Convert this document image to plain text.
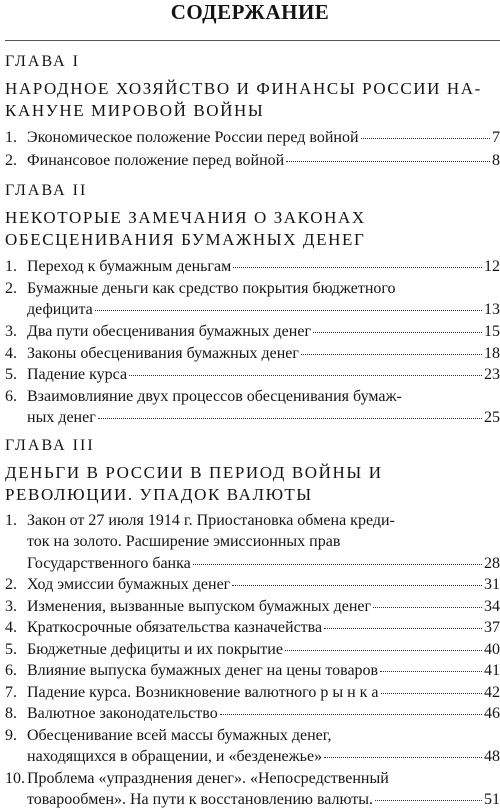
СОДЕРЖАНИЕ
ГЛАВА I
НАРОДНОЕ ХОЗЯЙСТВО И ФИНАНСЫ РОССИИ НА-
КАНУНЕ МИРОВОЙ ВОЙНЫ
1. Экономическое положение России перед войной	7
2. Финансовое положение перед войной	8
ГЛАВА II
НЕКОТОРЫЕ ЗАМЕЧАНИЯ О ЗАКОНАХ
ОБЕСЦЕНИВАНИЯ БУМАЖНЫХ ДЕНЕГ
1. Переход к бумажным деньгам	12
2. Бумажные деньги как средство покрытия бюджетного
дефицита	13
3. Два пути обесценивания бумажных денег	15
4. Законы обесценивания бумажных денег	18
5. Падение курса	23
6. Взаимовлияние двух процессов обесценивания бумаж-
ных денег	25
ГЛАВА III
ДЕНЬГИ В РОССИИ В ПЕРИОД ВОЙНЫ И
РЕВОЛЮЦИИ. УПАДОК ВАЛЮТЫ
1. Закон от 27 июля 1914 г. Приостановка обмена креди-
ток на золото. Расширение эмиссионных прав
Государственного банка	28
2. Ход эмиссии бумажных денег	31
3. Изменения, вызванные выпуском бумажных денег	34
4. Краткосрочные обязательства казначейства	37
5. Бюджетные дефициты и их покрытие	40
6. Влияние выпуска бумажных денег на цены товаров	41
7. Падение курса. Возникновение валютного р ы н к а	42
8. Валютное законодательство	46
9. Обесценивание всей массы бумажных денег,
находящихся в обращении, и «безденежье»	48
10. Проблема «упразднения денег». «Непосредственный
товарообмен». На пути к восстановлению валюты.	51
